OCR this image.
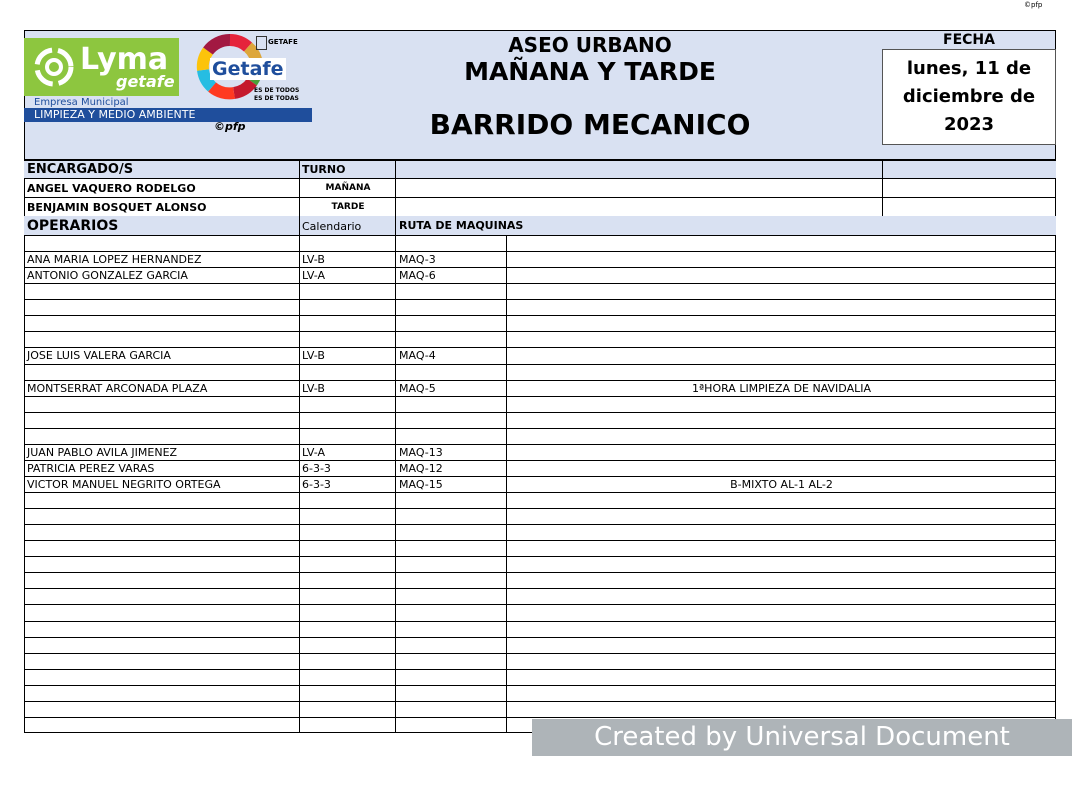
©pfp
Lyma
getafe
Getafe
GETAFE
ES DE TODOS
ES DE TODAS
Empresa Municipal
LIMPIEZA Y MEDIO AMBIENTE
©pfp
ASEO URBANO
MAÑANA Y TARDE
BARRIDO MECANICO
FECHA
lunes, 11 de
diciembre de
2023
ENCARGADO/S	TURNO
ANGEL VAQUERO RODELGO	MAÑANA
BENJAMIN BOSQUET ALONSO	TARDE
OPERARIOS	Calendario	RUTA DE MAQUINAS
ANA MARIA LOPEZ HERNANDEZ	LV-B	MAQ-3
ANTONIO GONZALEZ GARCIA	LV-A	MAQ-6
JOSE LUIS VALERA GARCIA	LV-B	MAQ-4
MONTSERRAT ARCONADA PLAZA	LV-B	MAQ-5	1ªHORA LIMPIEZA DE NAVIDALIA
JUAN PABLO AVILA JIMENEZ	LV-A	MAQ-13
PATRICIA PEREZ VARAS	6-3-3	MAQ-12
VICTOR MANUEL NEGRITO ORTEGA	6-3-3	MAQ-15	B-MIXTO AL-1 AL-2
Created by Universal Document Converter
